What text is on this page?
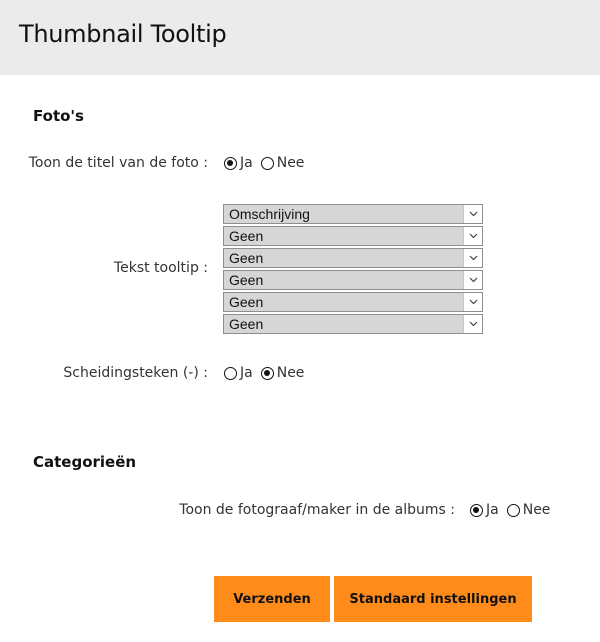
Thumbnail Tooltip
Foto's
Toon de titel van de foto : Ja Nee
Tekst tooltip :
Omschrijving
Geen
Geen
Geen
Geen
Geen
Scheidingsteken (-) : Ja Nee
Categorieën
Toon de fotograaf/maker in de albums : Ja Nee
Verzenden	Standaard instellingen
